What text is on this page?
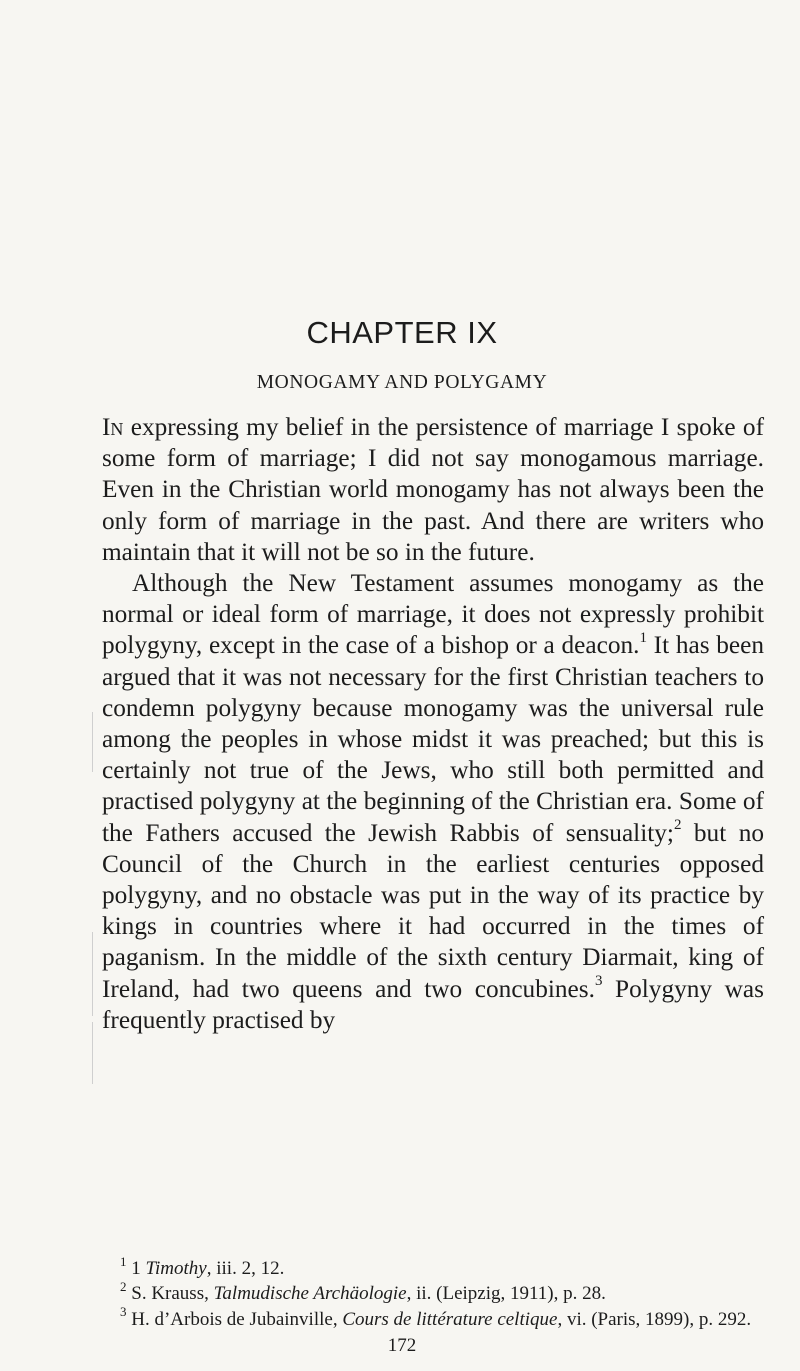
CHAPTER IX
MONOGAMY AND POLYGAMY

In expressing my belief in the persistence of marriage I spoke of some form of marriage; I did not say monogamous marriage. Even in the Christian world monogamy has not always been the only form of marriage in the past. And there are writers who maintain that it will not be so in the future.

Although the New Testament assumes monogamy as the normal or ideal form of marriage, it does not expressly prohibit polygyny, except in the case of a bishop or a deacon.$^1$ It has been argued that it was not necessary for the first Christian teachers to condemn polygyny because monogamy was the universal rule among the peoples in whose midst it was preached; but this is certainly not true of the Jews, who still both permitted and practised polygyny at the beginning of the Christian era. Some of the Fathers accused the Jewish Rabbis of sensuality;$^2$ but no Council of the Church in the earliest centuries opposed polygyny, and no obstacle was put in the way of its practice by kings in countries where it had occurred in the times of paganism. In the middle of the sixth century Diarmait, king of Ireland, had two queens and two concubines.$^3$ Polygyny was frequently practised by

$^1$ 1 Timothy, iii. 2, 12.

$^2$ S. Krauss, Talmudische Archäologie, ii. (Leipzig, 1911), p. 28.

$^3$ H. d’Arbois de Jubainville, Cours de littérature celtique, vi. (Paris, 1899), p. 292.

172
